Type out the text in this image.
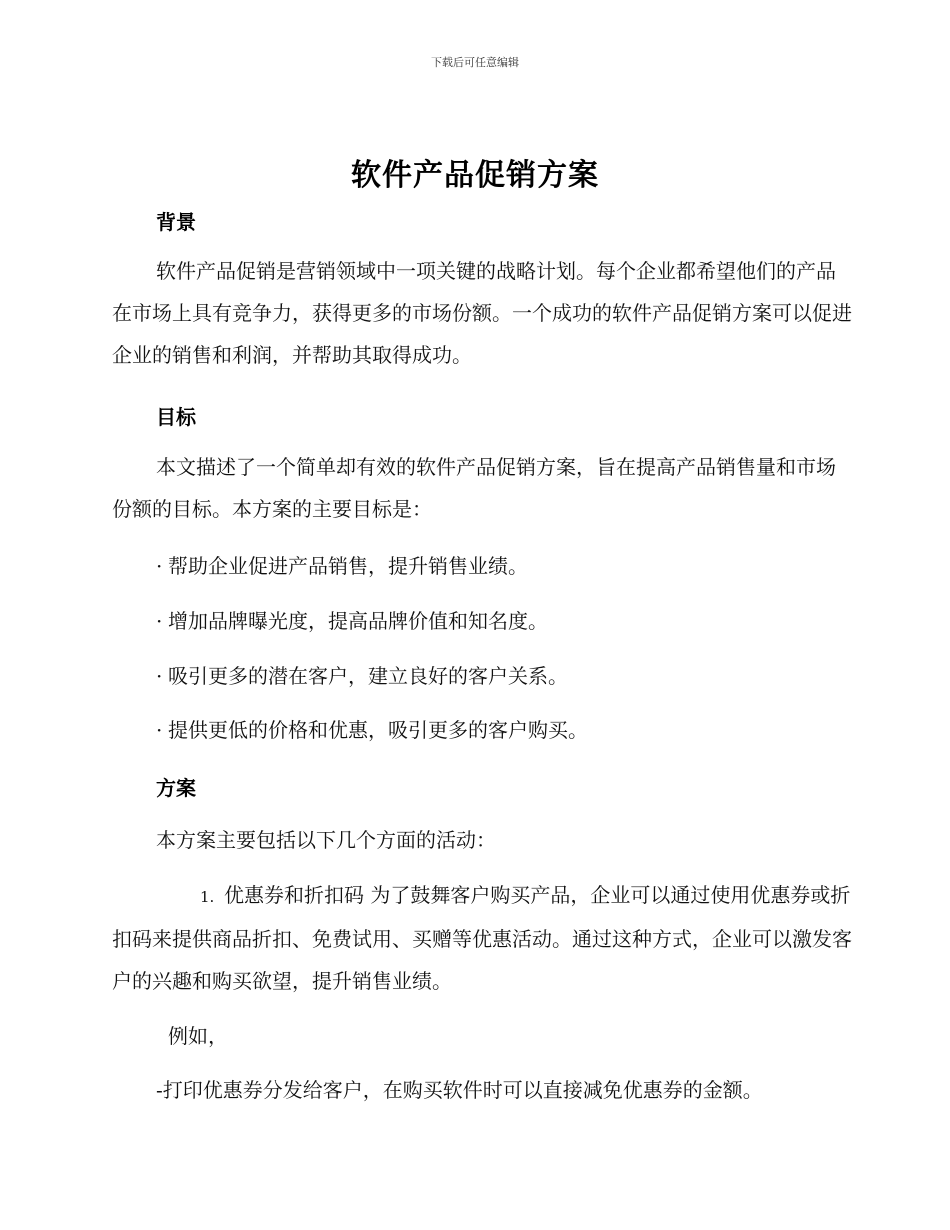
下载后可任意编辑
软件产品促销方案
背景
软件产品促销是营销领域中一项关键的战略计划。每个企业都希望他们的产品在市场上具有竞争力，获得更多的市场份额。一个成功的软件产品促销方案可以促进企业的销售和利润，并帮助其取得成功。
目标
本文描述了一个简单却有效的软件产品促销方案，旨在提高产品销售量和市场份额的目标。本方案的主要目标是：
· 帮助企业促进产品销售，提升销售业绩。
· 增加品牌曝光度，提高品牌价值和知名度。
· 吸引更多的潜在客户，建立良好的客户关系。
· 提供更低的价格和优惠，吸引更多的客户购买。
方案
本方案主要包括以下几个方面的活动：
1. 优惠券和折扣码 为了鼓舞客户购买产品，企业可以通过使用优惠券或折扣码来提供商品折扣、免费试用、买赠等优惠活动。通过这种方式，企业可以激发客户的兴趣和购买欲望，提升销售业绩。
例如，
-打印优惠券分发给客户，在购买软件时可以直接减免优惠券的金额。
